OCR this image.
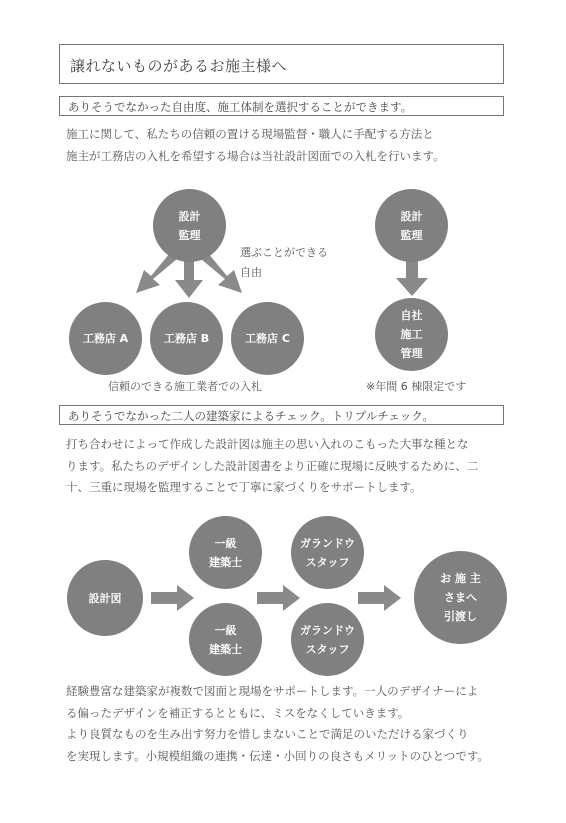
譲れないものがあるお施主様へ
ありそうでなかった自由度、施工体制を選択することができます。
施工に関して、私たちの信頼の置ける現場監督・職人に手配する方法と
施主が工務店の入札を希望する場合は当社設計図面での入札を行います。
設計
監理
選ぶことができる
自由
工務店 A	工務店 B	工務店 C
信頼のできる施工業者での入札
設計
監理
自社
施工
管理
※年間 6 棟限定です
ありそうでなかった二人の建築家によるチェック。トリプルチェック。
打ち合わせによって作成した設計図は施主の思い入れのこもった大事な種とな
ります。私たちのデザインした設計図書をより正確に現場に反映するために、二
十、三重に現場を監理することで丁寧に家づくりをサポートします。
設計図
一級
建築士
一級
建築士
ガランドウ
スタッフ
ガランドウ
スタッフ
お 施 主
さまへ
引渡し
経験豊富な建築家が複数で図面と現場をサポートします。一人のデザイナーによ
る偏ったデザインを補正するとともに、ミスをなくしていきます。
より良質なものを生み出す努力を惜しまないことで満足のいただける家づくり
を実現します。小規模組織の連携・伝達・小回りの良さもメリットのひとつです。
